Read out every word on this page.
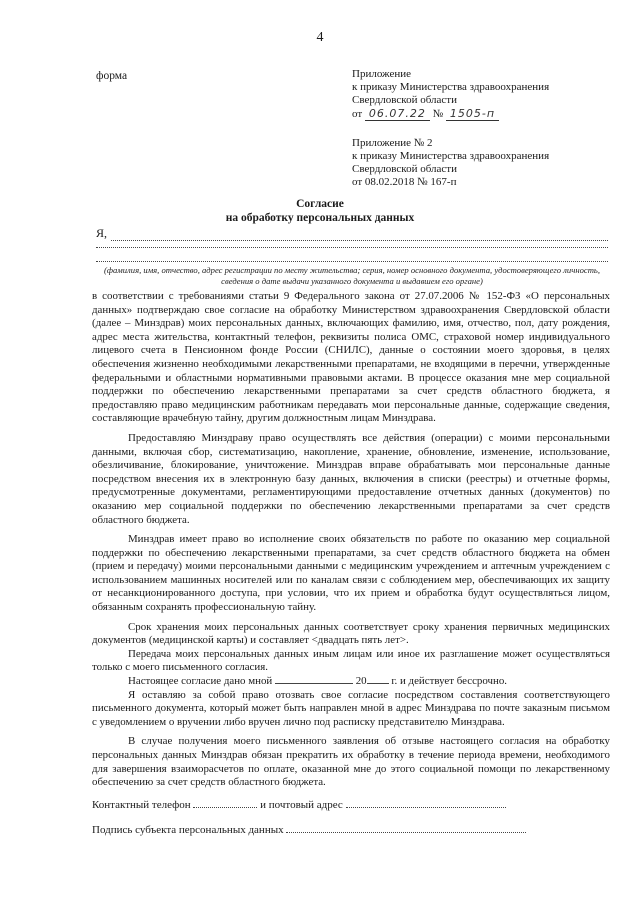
4
форма	Приложение
к приказу Министерства здравоохранения
Свердловской области
от 06.07.22 № 1505-п
Приложение № 2
к приказу Министерства здравоохранения
Свердловской области
от 08.02.2018 № 167-п
Согласие
на обработку персональных данных
Я,
(фамилия, имя, отчество, адрес регистрации по месту жительства; серия, номер основного документа, удостоверяющего личность, сведения о дате выдачи указанного документа и выдавшем его органе)

в соответствии с требованиями статьи 9 Федерального закона от 27.07.2006 № 152-ФЗ «О персональных данных» подтверждаю свое согласие на обработку Министерством здравоохранения Свердловской области (далее – Минздрав) моих персональных данных, включающих фамилию, имя, отчество, пол, дату рождения, адрес места жительства, контактный телефон, реквизиты полиса ОМС, страховой номер индивидуального лицевого счета в Пенсионном фонде России (СНИЛС), данные о состоянии моего здоровья, в целях обеспечения жизненно необходимыми лекарственными препаратами, не входящими в перечни, утвержденные федеральными и областными нормативными правовыми актами. В процессе оказания мне мер социальной поддержки по обеспечению лекарственными препаратами за счет средств областного бюджета, я предоставляю право медицинским работникам передавать мои персональные данные, содержащие сведения, составляющие врачебную тайну, другим должностным лицам Минздрава.

Предоставляю Минздраву право осуществлять все действия (операции) с моими персональными данными, включая сбор, систематизацию, накопление, хранение, обновление, изменение, использование, обезличивание, блокирование, уничтожение. Минздрав вправе обрабатывать мои персональные данные посредством внесения их в электронную базу данных, включения в списки (реестры) и отчетные формы, предусмотренные документами, регламентирующими предоставление отчетных данных (документов) по оказанию мер социальной поддержки по обеспечению лекарственными препаратами за счет средств областного бюджета.

Минздрав имеет право во исполнение своих обязательств по работе по оказанию мер социальной поддержки по обеспечению лекарственными препаратами, за счет средств областного бюджета на обмен (прием и передачу) моими персональными данными с медицинским учреждением и аптечным учреждением с использованием машинных носителей или по каналам связи с соблюдением мер, обеспечивающих их защиту от несанкционированного доступа, при условии, что их прием и обработка будут осуществляться лицом, обязанным сохранять профессиональную тайну.

Срок хранения моих персональных данных соответствует сроку хранения первичных медицинских документов (медицинской карты) и составляет <двадцать пять лет>.

Передача моих персональных данных иным лицам или иное их разглашение может осуществляться только с моего письменного согласия.

Настоящее согласие дано мной	20 г. и действует бессрочно.

Я оставляю за собой право отозвать свое согласие посредством составления соответствующего письменного документа, который может быть направлен мной в адрес Минздрава по почте заказным письмом с уведомлением о вручении либо вручен лично под расписку представителю Минздрава.

В случае получения моего письменного заявления об отзыве настоящего согласия на обработку персональных данных Минздрав обязан прекратить их обработку в течение периода времени, необходимого для завершения взаиморасчетов по оплате, оказанной мне до этого социальной помощи по лекарственному обеспечению за счет средств областного бюджета.

Контактный телефон	и почтовый адрес
Подпись субъекта персональных данных
